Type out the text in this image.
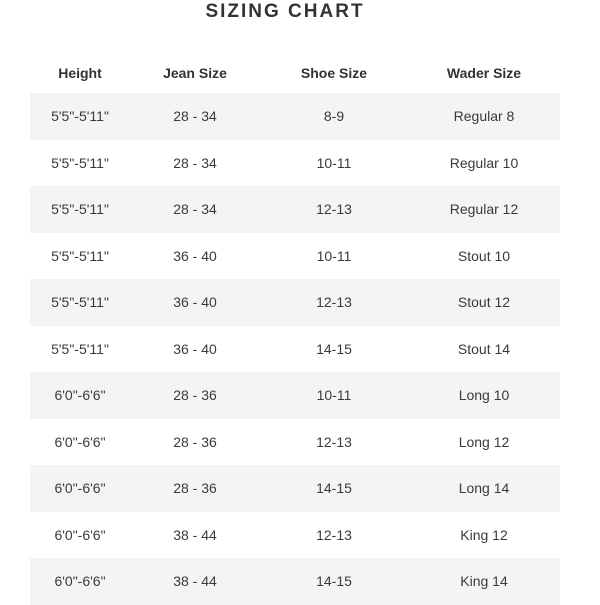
SIZING CHART
Height	Jean Size	Shoe Size	Wader Size
5'5"-5'11"	28 - 34	8-9	Regular 8
5'5"-5'11"	28 - 34	10-11	Regular 10
5'5"-5'11"	28 - 34	12-13	Regular 12
5'5"-5'11"	36 - 40	10-11	Stout 10
5'5"-5'11"	36 - 40	12-13	Stout 12
5'5"-5'11"	36 - 40	14-15	Stout 14
6'0"-6'6"	28 - 36	10-11	Long 10
6'0"-6'6"	28 - 36	12-13	Long 12
6'0"-6'6"	28 - 36	14-15	Long 14
6'0"-6'6"	38 - 44	12-13	King 12
6'0"-6'6"	38 - 44	14-15	King 14
